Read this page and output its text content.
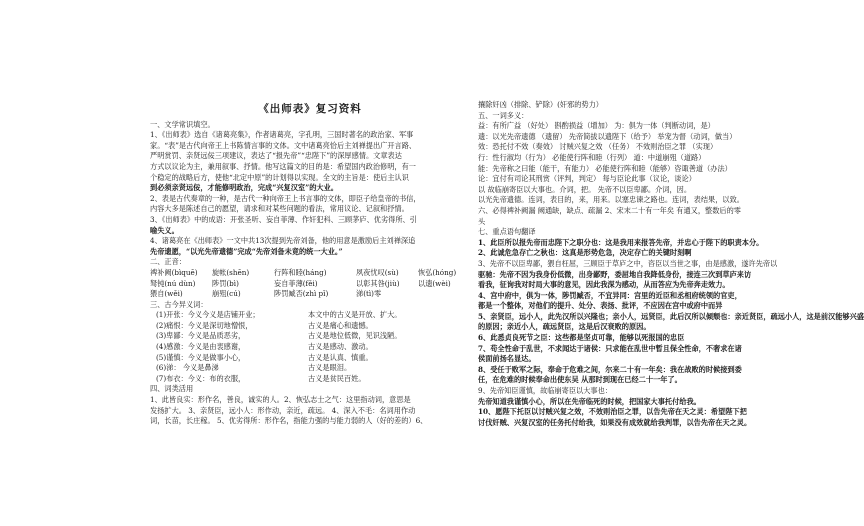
《出师表》复习资料
一、文学常识填空。
1、《出师表》选自《诸葛亮集》，作者诸葛亮，字孔明，三国时著名的政治家、军事
家。“表”是古代向帝王上书陈情言事的文体。文中诸葛亮恰后主刘禅提出广开言路、
严明赏罚、亲贤远佞三项建议，表达了“报先帝”“忠陛下”的深厚感情。文章表达
方式以议论为主，兼用叙事、抒情。他写这篇文的目的是：希望国内政治修明，有一
个稳定的战略后方，使他“北定中原”的计划得以实现。全文的主旨是：使后主认识
到必须亲贤远佞，才能修明政治，完成“兴复汉室”的大业。
2、表是古代奏章的一种，是古代一种向帝王上书言事的文体，即臣子给皇帝的书信，
内容大多是陈述自己的愿望，请求和对某些问题的看法，常用议论、记叙和抒情。
3、《出师表》中的成语：开张圣听、妄自菲薄、作奸犯科、三顾茅庐、优劣得所、引
喻失义。
4、诸葛亮在《出师表》一文中共13次提到先帝刘备，他的用意是激励后主刘禅深追
先帝遗愿，“以光先帝遗德”完成“先帝刘备未竟的统一大业。”
二、正音：
裨补阙(bìquē)	旋帐(shēn)	行阵和睦(háng)	夙夜忧叹(sù)	恢弘(hóng)
驽钝(nú dùn)	陟罚(bì)	妄自菲薄(fěi)	以彰其咎(jiù)	以遗(wèi)
猥自(wěi)	崩殂(cú)	陟罚臧否(zhì pǐ)	涕(tì)零
三、古今异义词：
(1)开张：今义今义是店铺开业；	本文中的古义是开放、扩大。
(2)痛恨：今义是深切地憎恨，	古义是痛心和遗憾。
(3)卑鄙：今义是品质恶劣，	古义是地位低微，见识浅陋。
(4)感激：今义是由衷感谢，	古义是感动、激动。
(5)谨慎：今义是做事小心，	古义是认真、慎重。
(6)涕： 今义是鼻涕	古义是眼泪。
(7)布衣：今义：布的衣服，	古义是贫民百姓。
四、词类活用
1、此皆良实：形作名，善良，诚实的人。2、恢弘志士之气：这里指动词，意思是
发扬扩大。 3、亲贤臣，远小人：形作动，亲近，疏远。 4、深入不毛：名词用作动
词，长苗，长庄稼。 5、优劣得所：形作名，指能力强的与能力弱的人（好的差的）6、
攘除奸凶（排除、铲除）(奸邪的势力）
五、一词多义：
益：有所广益 （好处） 斟酌损益（增加） 为：俱为一体（判断动词，是）
遗：以光先帝遗德 （遗留） 先帝简拔以遗陛下（给予） 举宠为督（动词，做当）
效：恐托付不效（奏效） 讨贼兴复之效 （任务） 不效则治臣之罪 （实现）
行：性行淑均（行为） 必能使行阵和睦（行列） 道：中道崩殂（道路）
能：先帝称之曰能（能干，有能力） 必能使行阵和睦（能够）咨诹善道（办法）
论：宜付有司论其刑赏（评判，判定） 每与臣论此事（议论，谈论）
以 故临崩寄臣以大事也。介词，把。 先帝不以臣卑鄙。介词，因。
以光先帝遗德。连词，表目的，来，用来。以塞忠谏之路也。连词，表结果，以致。
六、必得裨补阙漏 阙通缺，缺点、疏漏 2、宋末二十有一年矣 有通又，整数后的零
头
七、重点语句翻译
1、此臣所以报先帝而忠陛下之职分也：这是我用来报答先帝，并忠心于陛下的职责本分。
2、此诚危急存亡之秋也：这真是形势危急，决定存亡的关键时刻啊
3、先帝不以臣卑鄙，猥自枉屈，三顾臣于草庐之中，咨臣以当世之事，由是感激，遂许先帝以
驱驰：先帝不因为我身份低微，出身鄙野，委屈地自我降低身份，接连三次到草庐来访
看我，征询我对时局大事的意见，因此我深为感动，从而答应为先帝奔走效力。
4、宫中府中，俱为一体，陟罚臧否，不宜异同：宫里的近臣和丞相府统领的官吏，
都是一个整体，对他们的提升、处分、表扬、批评，不应因在宫中或府中而异
5、亲贤臣，远小人，此先汉所以兴隆也；亲小人，远贤臣，此后汉所以倾颓也：亲近贤臣，疏远小人，这是前汉能够兴盛
的原因；亲近小人，疏远贤臣，这是后汉衰败的原因。
6、此悉贞良死节之臣：这些都是坚贞可靠，能够以死报国的忠臣
7、苟全性命于乱世，不求闻达于诸侯：只求能在乱世中暂且保全性命，不奢求在诸
侯面前扬名显达。
8、受任于败军之际，奉命于危难之间，尔来二十有一年矣：我在战败的时候接到委
任，在危难的时候奉命出使东吴 从那时到现在已经二十一年了。
9、先帝知臣谨慎，故临崩寄臣以大事也：
先帝知道我谨慎小心，所以在先帝临死的时候，把国家大事托付给我。
10、愿陛下托臣以讨贼兴复之效，不效则治臣之罪，以告先帝在天之灵：希望陛下把
讨伐奸贼、兴复汉室的任务托付给我，如果没有成效就给我判罪，以告先帝在天之灵。
